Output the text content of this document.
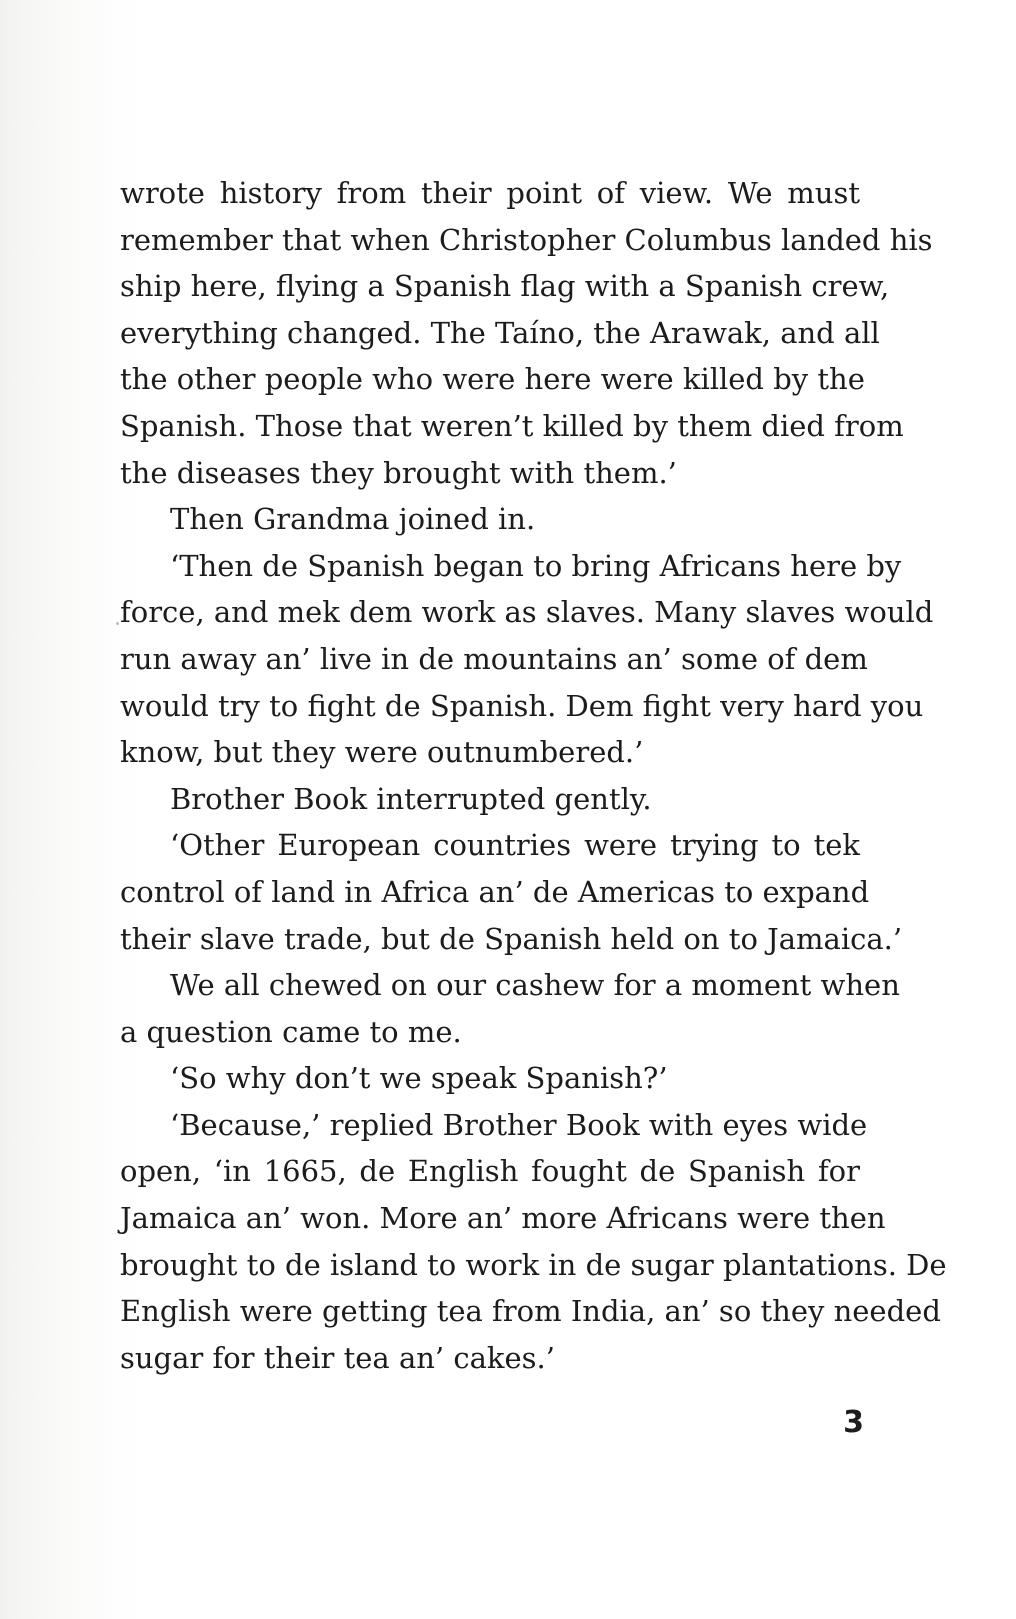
wrote history from their point of view. We must
remember that when Christopher Columbus landed his
ship here, flying a Spanish flag with a Spanish crew,
everything changed. The Taíno, the Arawak, and all
the other people who were here were killed by the
Spanish. Those that weren’t killed by them died from
the diseases they brought with them.’
Then Grandma joined in.
‘Then de Spanish began to bring Africans here by
force, and mek dem work as slaves. Many slaves would
run away an’ live in de mountains an’ some of dem
would try to fight de Spanish. Dem fight very hard you
know, but they were outnumbered.’
Brother Book interrupted gently.
‘Other European countries were trying to tek
control of land in Africa an’ de Americas to expand
their slave trade, but de Spanish held on to Jamaica.’
We all chewed on our cashew for a moment when
a question came to me.
‘So why don’t we speak Spanish?’
‘Because,’ replied Brother Book with eyes wide
open, ‘in 1665, de English fought de Spanish for
Jamaica an’ won. More an’ more Africans were then
brought to de island to work in de sugar plantations. De
English were getting tea from India, an’ so they needed
sugar for their tea an’ cakes.’
3
